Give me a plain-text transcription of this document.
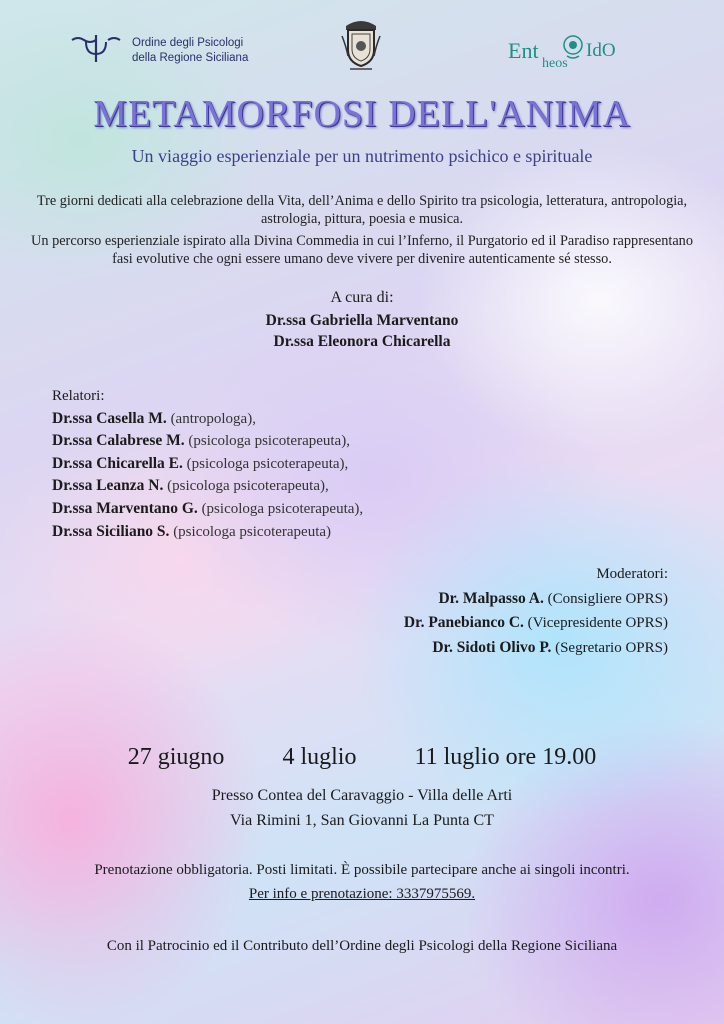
Ordine degli Psicologi
della Regione Siciliana	Ent
heos
IdO
METAMORFOSI DELL'ANIMA
Un viaggio esperienziale per un nutrimento psichico e spirituale

Tre giorni dedicati alla celebrazione della Vita, dell’Anima e dello Spirito tra psicologia, letteratura, antropologia, astrologia, pittura, poesia e musica.

Un percorso esperienziale ispirato alla Divina Commedia in cui l’Inferno, il Purgatorio ed il Paradiso rappresentano fasi evolutive che ogni essere umano deve vivere per divenire autenticamente sé stesso.

A cura di:
Dr.ssa Gabriella Marventano
Dr.ssa Eleonora Chicarella
Relatori:
Dr.ssa Casella M. (antropologa),
Dr.ssa Calabrese M. (psicologa psicoterapeuta),
Dr.ssa Chicarella E. (psicologa psicoterapeuta),
Dr.ssa Leanza N. (psicologa psicoterapeuta),
Dr.ssa Marventano G. (psicologa psicoterapeuta),
Dr.ssa Siciliano S. (psicologa psicoterapeuta)
Moderatori:
Dr. Malpasso A. (Consigliere OPRS)
Dr. Panebianco C. (Vicepresidente OPRS)
Dr. Sidoti Olivo P. (Segretario OPRS)
27 giugno 4 luglio 11 luglio ore 19.00
Presso Contea del Caravaggio - Villa delle Arti
Via Rimini 1, San Giovanni La Punta CT
Prenotazione obbligatoria. Posti limitati. È possibile partecipare anche ai singoli incontri.
Per info e prenotazione: 3337975569.
Con il Patrocinio ed il Contributo dell’Ordine degli Psicologi della Regione Siciliana
